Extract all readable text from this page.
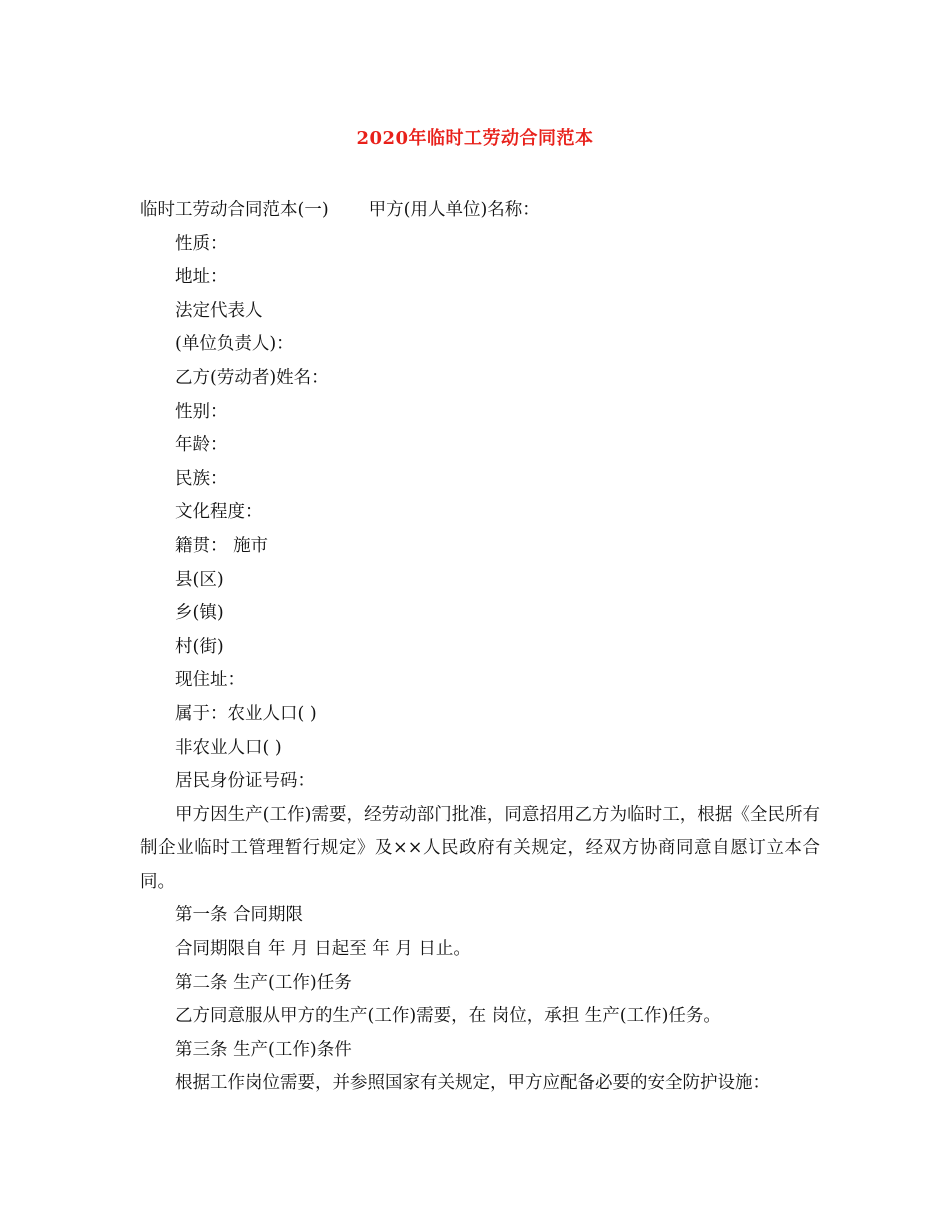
2020年临时工劳动合同范本

临时工劳动合同范本(一) 甲方(用人单位)名称：

性质：

地址：

法定代表人

(单位负责人)：

乙方(劳动者)姓名：

性别：

年龄：

民族：

文化程度：

籍贯： 施市

县(区)

乡(镇)

村(街)

现住址：

属于：农业人口( )

非农业人口( )

居民身份证号码：

甲方因生产(工作)需要，经劳动部门批准，同意招用乙方为临时工，根据《全民所有制企业临时工管理暂行规定》及××人民政府有关规定，经双方协商同意自愿订立本合同。

第一条 合同期限

合同期限自 年 月 日起至 年 月 日止。

第二条 生产(工作)任务

乙方同意服从甲方的生产(工作)需要，在 岗位，承担 生产(工作)任务。

第三条 生产(工作)条件

根据工作岗位需要，并参照国家有关规定，甲方应配备必要的安全防护设施：
